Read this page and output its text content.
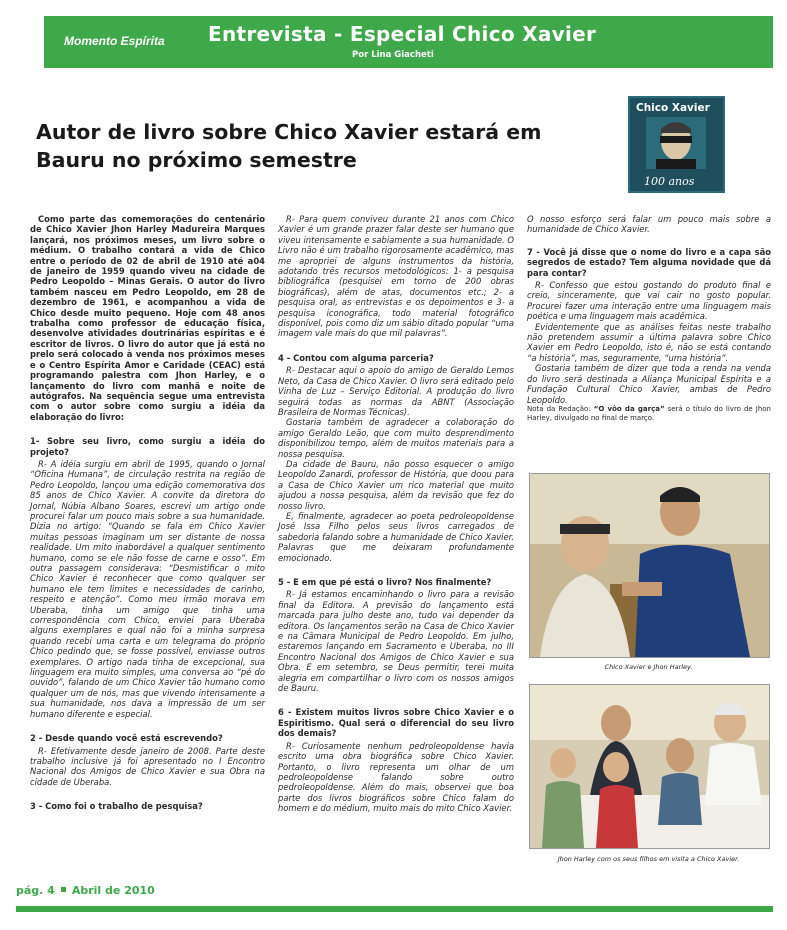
Momento Espírita Entrevista - Especial Chico Xavier
Por Lina Giacheti
Autor de livro sobre Chico Xavier estará em Bauru no próximo semestre
Chico Xavier
100 anos

Como parte das comemorações do centenário de Chico Xavier Jhon Harley Madureira Marques lançará, nos próximos meses, um livro sobre o médium. O trabalho contará a vida de Chico entre o período de 02 de abril de 1910 até a04 de janeiro de 1959 quando viveu na cidade de Pedro Leopoldo – Minas Gerais. O autor do livro também nasceu em Pedro Leopoldo, em 28 de dezembro de 1961, e acompanhou a vida de Chico desde muito pequeno. Hoje com 48 anos trabalha como professor de educação física, desenvolve atividades doutrinárias espíritas e é escritor de livros. O livro do autor que já está no prelo será colocado à venda nos próximos meses e o Centro Espírita Amor e Caridade (CEAC) está programando palestra com Jhon Harley, e o lançamento do livro com manhã e noite de autógrafos. Na sequência segue uma entrevista com o autor sobre como surgiu a idéia da elaboração do livro:

1- Sobre seu livro, como surgiu a idéia do projeto?

R- A idéia surgiu em abril de 1995, quando o Jornal “Oficina Humana”, de circulação restrita na região de Pedro Leopoldo, lançou uma edição comemorativa dos 85 anos de Chico Xavier. A convite da diretora do Jornal, Núbia Albano Soares, escrevi um artigo onde procurei falar um pouco mais sobre a sua humanidade. Dizia no artigo: “Quando se fala em Chico Xavier muitas pessoas imaginam um ser distante de nossa realidade. Um mito inabordável a qualquer sentimento humano, como se ele não fosse de carne e osso”. Em outra passagem considerava: “Desmistificar o mito Chico Xavier é reconhecer que como qualquer ser humano ele tem limites e necessidades de carinho, respeito e atenção”. Como meu irmão morava em Uberaba, tinha um amigo que tinha uma correspondência com Chico, enviei para Uberaba alguns exemplares e qual não foi a minha surpresa quando recebi uma carta e um telegrama do próprio Chico pedindo que, se fosse possível, enviasse outros exemplares. O artigo nada tinha de excepcional, sua linguagem era muito simples, uma conversa ao “pé do ouvido”, falando de um Chico Xavier tão humano como qualquer um de nós, mas que vivendo intensamente a sua humanidade, nos dava a impressão de um ser humano diferente e especial.

2 - Desde quando você está escrevendo?

R- Efetivamente desde janeiro de 2008. Parte deste trabalho inclusive já foi apresentado no I Encontro Nacional dos Amigos de Chico Xavier e sua Obra na cidade de Uberaba.

3 - Como foi o trabalho de pesquisa?

R- Para quem conviveu durante 21 anos com Chico Xavier é um grande prazer falar deste ser humano que viveu intensamente e sabiamente a sua humanidade. O Livro não é um trabalho rigorosamente acadêmico, mas me apropriei de alguns instrumentos da história, adotando três recursos metodológicos: 1- a pesquisa bibliográfica (pesquisei em torno de 200 obras biográficas), além de atas, documentos etc.; 2- a pesquisa oral, as entrevistas e os depoimentos e 3- a pesquisa iconográfica, todo material fotográfico disponível, pois como diz um sábio ditado popular “uma imagem vale mais do que mil palavras”.

4 - Contou com alguma parceria?

R- Destacar aqui o apoio do amigo de Geraldo Lemos Neto, da Casa de Chico Xavier. O livro será editado pelo Vinha de Luz – Serviço Editorial. A produção do livro seguirá todas as normas da ABNT (Associação Brasileira de Normas Técnicas).

Gostaria também de agradecer a colaboração do amigo Geraldo Leão, que com muito desprendimento disponibilizou tempo, além de muitos materiais para a nossa pesquisa.

Da cidade de Bauru, não posso esquecer o amigo Leopoldo Zanardi, professor de História, que doou para a Casa de Chico Xavier um rico material que muito ajudou a nossa pesquisa, além da revisão que fez do nosso livro.

E, finalmente, agradecer ao poeta pedroleopoldense José Issa Filho pelos seus livros carregados de sabedoria falando sobre a humanidade de Chico Xavier. Palavras que me deixaram profundamente emocionado.

5 - E em que pé está o livro? Nos finalmente?

R- Já estamos encaminhando o livro para a revisão final da Editora. A previsão do lançamento está marcada para julho deste ano, tudo vai depender da editora. Os lançamentos serão na Casa de Chico Xavier e na Câmara Municipal de Pedro Leopoldo. Em julho, estaremos lançando em Sacramento e Uberaba, no III Encontro Nacional dos Amigos de Chico Xavier e sua Obra. E em setembro, se Deus permitir, terei muita alegria em compartilhar o livro com os nossos amigos de Bauru.

6 - Existem muitos livros sobre Chico Xavier e o Espiritismo. Qual será o diferencial do seu livro dos demais?

R- Curiosamente nenhum pedroleopoldense havia escrito uma obra biográfica sobre Chico Xavier. Portanto, o livro representa um olhar de um pedroleopoldense falando sobre outro pedroleopoldense. Além do mais, observei que boa parte dos livros biográficos sobre Chico falam do homem e do médium, muito mais do mito Chico Xavier.

O nosso esforço será falar um pouco mais sobre a humanidade de Chico Xavier.

7 - Você já disse que o nome do livro e a capa são segredos de estado? Tem alguma novidade que dá para contar?

R- Confesso que estou gostando do produto final e creio, sinceramente, que vai cair no gosto popular. Procurei fazer uma interação entre uma linguagem mais poética e uma linguagem mais acadêmica.

Evidentemente que as análises feitas neste trabalho não pretendem assumir a última palavra sobre Chico Xavier em Pedro Leopoldo, isto é, não se está contando “a história”, mas, seguramente, “uma história”.

Gostaria também de dizer que toda a renda na venda do livro será destinada a Aliança Municipal Espírita e a Fundação Cultural Chico Xavier, ambas de Pedro Leopoldo.

Nota da Redação: “O vôo da garça” será o título do livro de Jhon Harley, divulgado no final de março.

Chico Xavier e Jhon Harley.
Jhon Harley com os seus filhos em visita a Chico Xavier.
pág. 4 Abril de 2010
